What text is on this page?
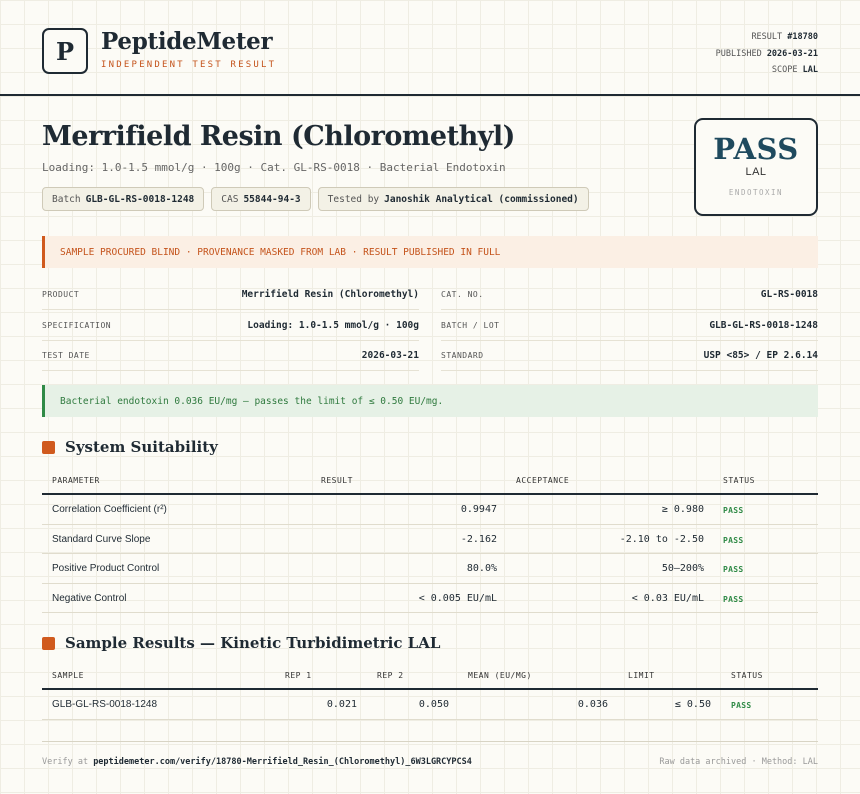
P	PeptideMeter
INDEPENDENT TEST RESULT
RESULT #18780
PUBLISHED 2026-03-21
SCOPE LAL
Merrifield Resin (Chloromethyl)
Loading: 1.0-1.5 mmol/g · 100g · Cat. GL-RS-0018 · Bacterial Endotoxin
Batch GLB-GL-RS-0018-1248	CAS 55844-94-3	Tested by Janoshik Analytical (commissioned)
PASS
LAL
ENDOTOXIN
SAMPLE PROCURED BLIND · PROVENANCE MASKED FROM LAB · RESULT PUBLISHED IN FULL
PRODUCT	Merrifield Resin (Chloromethyl)
SPECIFICATION	Loading: 1.0-1.5 mmol/g · 100g
TEST DATE	2026-03-21
CAT. NO.	GL-RS-0018
BATCH / LOT	GLB-GL-RS-0018-1248
STANDARD	USP <85> / EP 2.6.14
Bacterial endotoxin 0.036 EU/mg — passes the limit of ≤ 0.50 EU/mg.
System Suitability
PARAMETER	RESULT	ACCEPTANCE	STATUS
Correlation Coefficient (r²)	0.9947	≥ 0.980 PASS
Standard Curve Slope	-2.162	-2.10 to -2.50 PASS
Positive Product Control	80.0%	50–200% PASS
Negative Control	< 0.005 EU/mL	< 0.03 EU/mL PASS
Sample Results — Kinetic Turbidimetric LAL
SAMPLE	REP 1	REP 2	MEAN (EU/MG)	LIMIT	STATUS
GLB-GL-RS-0018-1248	0.021	0.050	0.036	≤ 0.50	PASS
Verify at peptidemeter.com/verify/18780-Merrifield_Resin_(Chloromethyl)_6W3LGRCYPCS4	Raw data archived · Method: LAL
